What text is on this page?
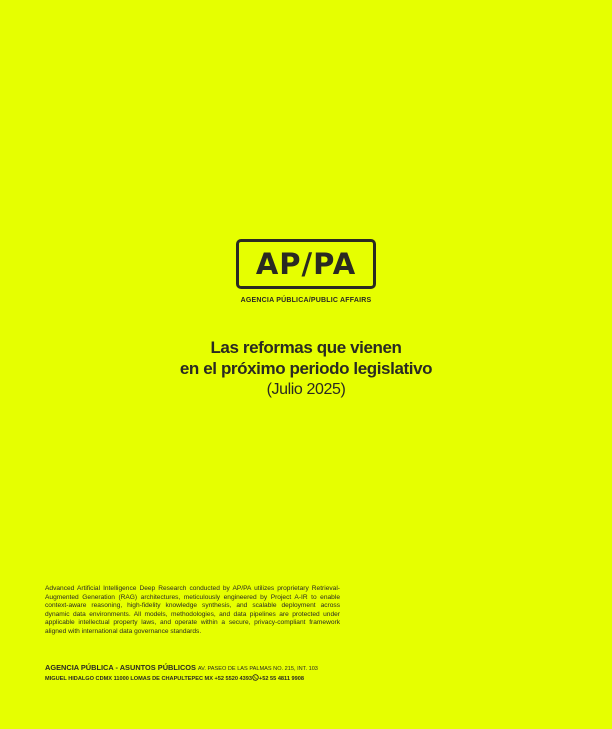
AP/PA
AGENCIA PÚBLICA/PUBLIC AFFAIRS
Las reformas que vienen
en el próximo periodo legislativo
(Julio 2025)
Advanced Artificial Intelligence Deep Research conducted by AP/PA utilizes proprietary Retrieval-Augmented Generation (RAG) architectures, meticulously engineered by Project A-IR to enable context-aware reasoning, high-fidelity knowledge synthesis, and scalable deployment across dynamic data environments. All models, methodologies, and data pipelines are protected under applicable intellectual property laws, and operate within a secure, privacy-compliant framework aligned with international data governance standards.
AGENCIA PÚBLICA - ASUNTOS PÚBLICOS AV. PASEO DE LAS PALMAS NO. 215, INT. 103
MIGUEL HIDALGO CDMX 11000 LOMAS DE CHAPULTEPEC MX +52 5520 4393 +52 55 4811 9908
